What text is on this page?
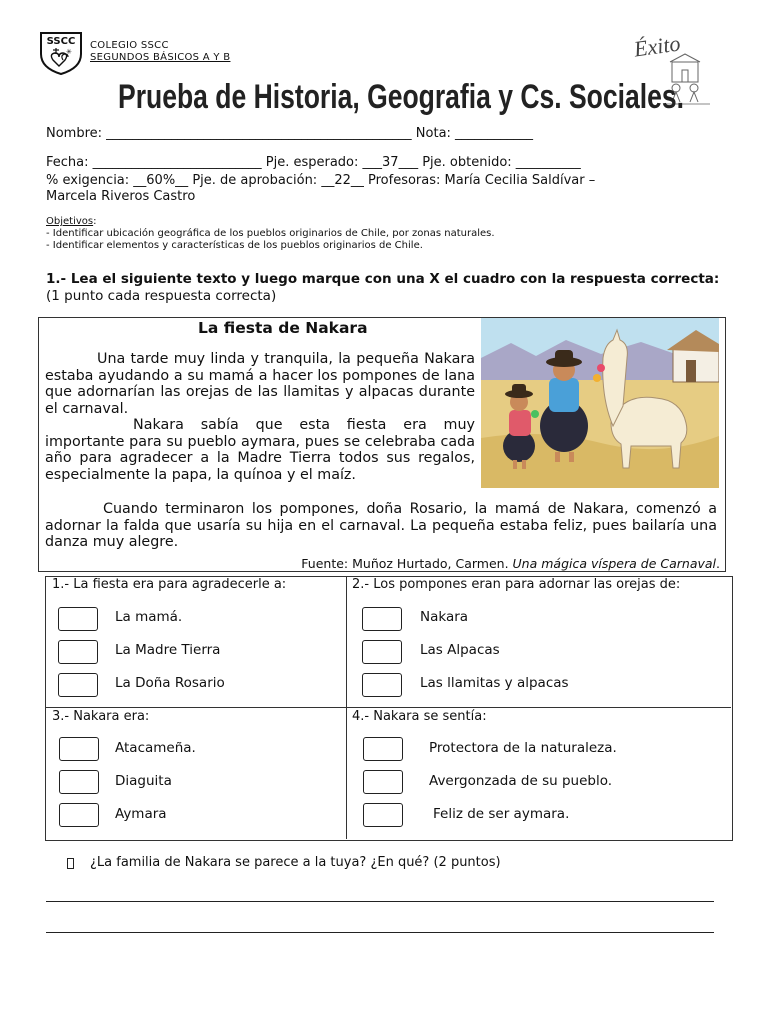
SSCC
✳
COLEGIO SSCC
SEGUNDOS BÁSICOS A Y B	Éxito
Prueba de Historia, Geografia y Cs. Sociales.
Nombre: _______________________________________________ Nota: ____________
Fecha: __________________________ Pje. esperado: ___37___ Pje. obtenido: __________
% exigencia: __60%__ Pje. de aprobación: __22__ Profesoras: María Cecilia Saldívar –
Marcela Riveros Castro
Objetivos:
- Identificar ubicación geográfica de los pueblos originarios de Chile, por zonas naturales.
- Identificar elementos y características de los pueblos originarios de Chile.
1.- Lea el siguiente texto y luego marque con una X el cuadro con la respuesta correcta: (1 punto cada respuesta correcta)
La fiesta de Nakara
Una tarde muy linda y tranquila, la pequeña Nakara estaba ayudando a su mamá a hacer los pompones de lana que adornarían las orejas de las llamitas y alpacas durante el carnaval.
Nakara sabía que esta fiesta era muy importante para su pueblo aymara, pues se celebraba cada año para agradecer a la Madre Tierra todos sus regalos, especialmente la papa, la quínoa y el maíz.
Cuando terminaron los pompones, doña Rosario, la mamá de Nakara, comenzó a adornar la falda que usaría su hija en el carnaval. La pequeña estaba feliz, pues bailaría una danza muy alegre.
Fuente: Muñoz Hurtado, Carmen. Una mágica víspera de Carnaval.
1.- La fiesta era para agradecerle a:
La mamá.
La Madre Tierra
La Doña Rosario
2.- Los pompones eran para adornar las orejas de:
Nakara
Las Alpacas
Las llamitas y alpacas
3.- Nakara era:
Atacameña.
Diaguita
Aymara
4.- Nakara se sentía:
Protectora de la naturaleza.
Avergonzada de su pueblo.
Feliz de ser aymara.
¿La familia de Nakara se parece a la tuya? ¿En qué? (2 puntos)
